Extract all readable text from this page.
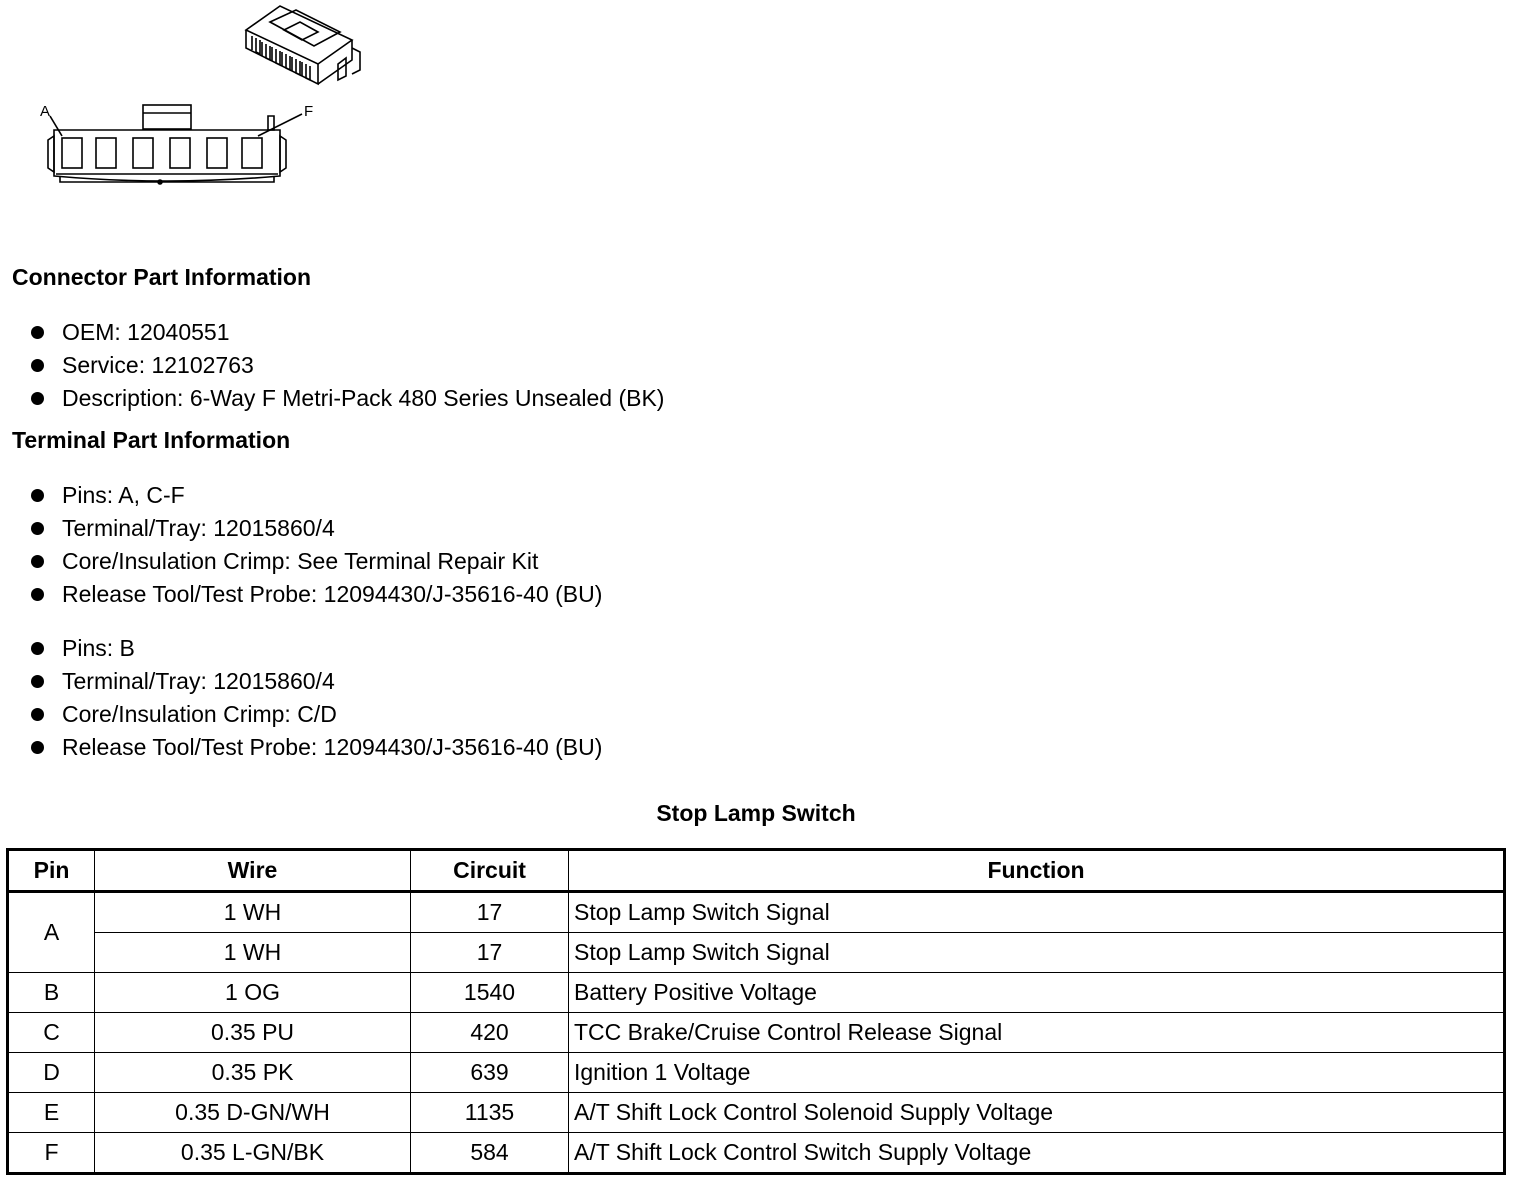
A	F
Connector Part Information
OEM: 12040551
Service: 12102763
Description: 6-Way F Metri-Pack 480 Series Unsealed (BK)
Terminal Part Information
Pins: A, C-F
Terminal/Tray: 12015860/4
Core/Insulation Crimp: See Terminal Repair Kit
Release Tool/Test Probe: 12094430/J-35616-40 (BU)
Pins: B
Terminal/Tray: 12015860/4
Core/Insulation Crimp: C/D
Release Tool/Test Probe: 12094430/J-35616-40 (BU)
Stop Lamp Switch
Pin	Wire	Circuit	Function
A	1 WH	17	Stop Lamp Switch Signal
	1 WH	17	Stop Lamp Switch Signal
B	1 OG	1540	Battery Positive Voltage
C	0.35 PU	420	TCC Brake/Cruise Control Release Signal
D	0.35 PK	639	Ignition 1 Voltage
E	0.35 D-GN/WH	1135	A/T Shift Lock Control Solenoid Supply Voltage
F	0.35 L-GN/BK	584	A/T Shift Lock Control Switch Supply Voltage
